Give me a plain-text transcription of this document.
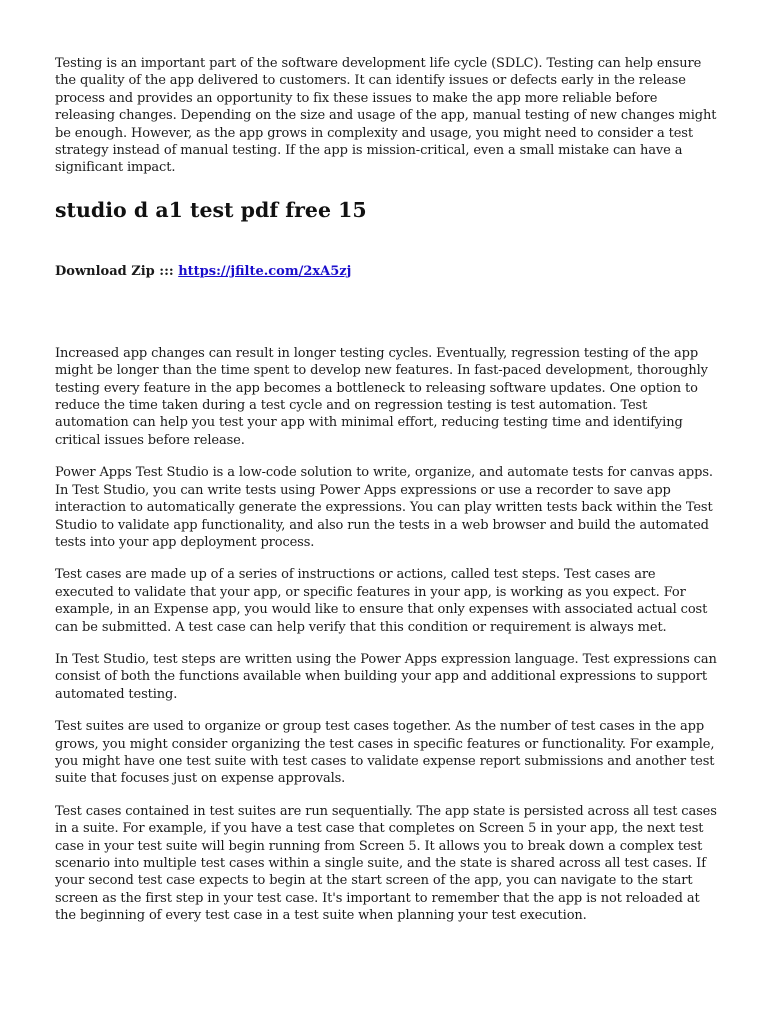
Testing is an important part of the software development life cycle (SDLC). Testing can help ensure the quality of the app delivered to customers. It can identify issues or defects early in the release process and provides an opportunity to fix these issues to make the app more reliable before releasing changes. Depending on the size and usage of the app, manual testing of new changes might be enough. However, as the app grows in complexity and usage, you might need to consider a test strategy instead of manual testing. If the app is mission-critical, even a small mistake can have a significant impact.

studio d a1 test pdf free 15
Download Zip ::: https://jfilte.com/2xA5zj

Increased app changes can result in longer testing cycles. Eventually, regression testing of the app might be longer than the time spent to develop new features. In fast-paced development, thoroughly testing every feature in the app becomes a bottleneck to releasing software updates. One option to reduce the time taken during a test cycle and on regression testing is test automation. Test automation can help you test your app with minimal effort, reducing testing time and identifying critical issues before release.

Power Apps Test Studio is a low-code solution to write, organize, and automate tests for canvas apps. In Test Studio, you can write tests using Power Apps expressions or use a recorder to save app interaction to automatically generate the expressions. You can play written tests back within the Test Studio to validate app functionality, and also run the tests in a web browser and build the automated tests into your app deployment process.

Test cases are made up of a series of instructions or actions, called test steps. Test cases are executed to validate that your app, or specific features in your app, is working as you expect. For example, in an Expense app, you would like to ensure that only expenses with associated actual cost can be submitted. A test case can help verify that this condition or requirement is always met.

In Test Studio, test steps are written using the Power Apps expression language. Test expressions can consist of both the functions available when building your app and additional expressions to support automated testing.

Test suites are used to organize or group test cases together. As the number of test cases in the app grows, you might consider organizing the test cases in specific features or functionality. For example, you might have one test suite with test cases to validate expense report submissions and another test suite that focuses just on expense approvals.

Test cases contained in test suites are run sequentially. The app state is persisted across all test cases in a suite. For example, if you have a test case that completes on Screen 5 in your app, the next test case in your test suite will begin running from Screen 5. It allows you to break down a complex test scenario into multiple test cases within a single suite, and the state is shared across all test cases. If your second test case expects to begin at the start screen of the app, you can navigate to the start screen as the first step in your test case. It's important to remember that the app is not reloaded at the beginning of every test case in a test suite when planning your test execution.
